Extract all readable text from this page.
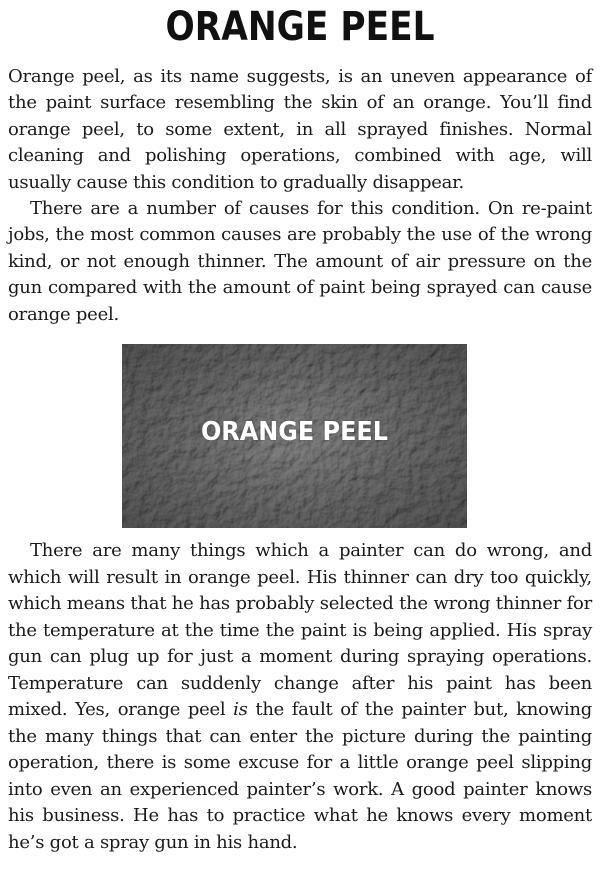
ORANGE PEEL

Orange peel, as its name suggests, is an uneven appearance of the paint surface resembling the skin of an orange. You’ll find orange peel, to some extent, in all sprayed finishes. Normal cleaning and polishing operations, combined with age, will usually cause this condition to gradually disappear.

There are a number of causes for this condition. On re-paint jobs, the most common causes are probably the use of the wrong kind, or not enough thinner. The amount of air pressure on the gun compared with the amount of paint being sprayed can cause orange peel.

ORANGE PEEL

There are many things which a painter can do wrong, and which will result in orange peel. His thinner can dry too quickly, which means that he has probably selected the wrong thinner for the temperature at the time the paint is being applied. His spray gun can plug up for just a moment during spraying operations. Temperature can suddenly change after his paint has been mixed. Yes, orange peel is the fault of the painter but, knowing the many things that can enter the picture during the painting operation, there is some excuse for a little orange peel slipping into even an experienced painter’s work. A good painter knows his business. He has to practice what he knows every moment he’s got a spray gun in his hand.
